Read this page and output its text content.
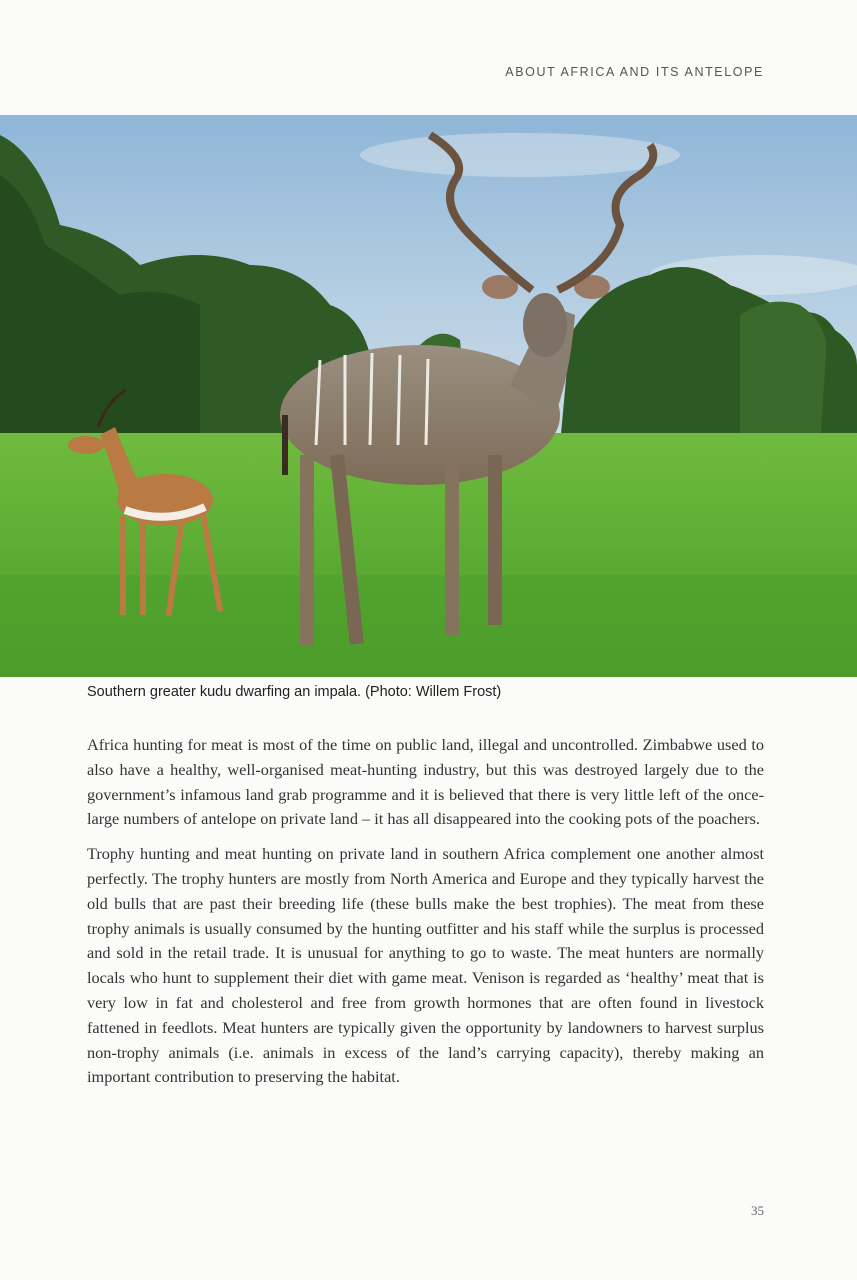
ABOUT AFRICA AND ITS ANTELOPE
Southern greater kudu dwarfing an impala. (Photo: Willem Frost)

Africa hunting for meat is most of the time on public land, illegal and uncontrolled. Zimbabwe used to also have a healthy, well-organised meat-hunting industry, but this was destroyed largely due to the government’s infamous land grab programme and it is believed that there is very little left of the once-large numbers of antelope on private land – it has all disappeared into the cooking pots of the poachers.

Trophy hunting and meat hunting on private land in southern Africa complement one another almost perfectly. The trophy hunters are mostly from North America and Europe and they typically harvest the old bulls that are past their breeding life (these bulls make the best trophies). The meat from these trophy animals is usually consumed by the hunting outfitter and his staff while the surplus is processed and sold in the retail trade. It is unusual for anything to go to waste. The meat hunters are normally locals who hunt to supplement their diet with game meat. Venison is regarded as ‘healthy’ meat that is very low in fat and cholesterol and free from growth hormones that are often found in livestock fattened in feedlots. Meat hunters are typically given the opportunity by landowners to harvest surplus non-trophy animals (i.e. animals in excess of the land’s carrying capacity), thereby making an important contribution to preserving the habitat.

35
